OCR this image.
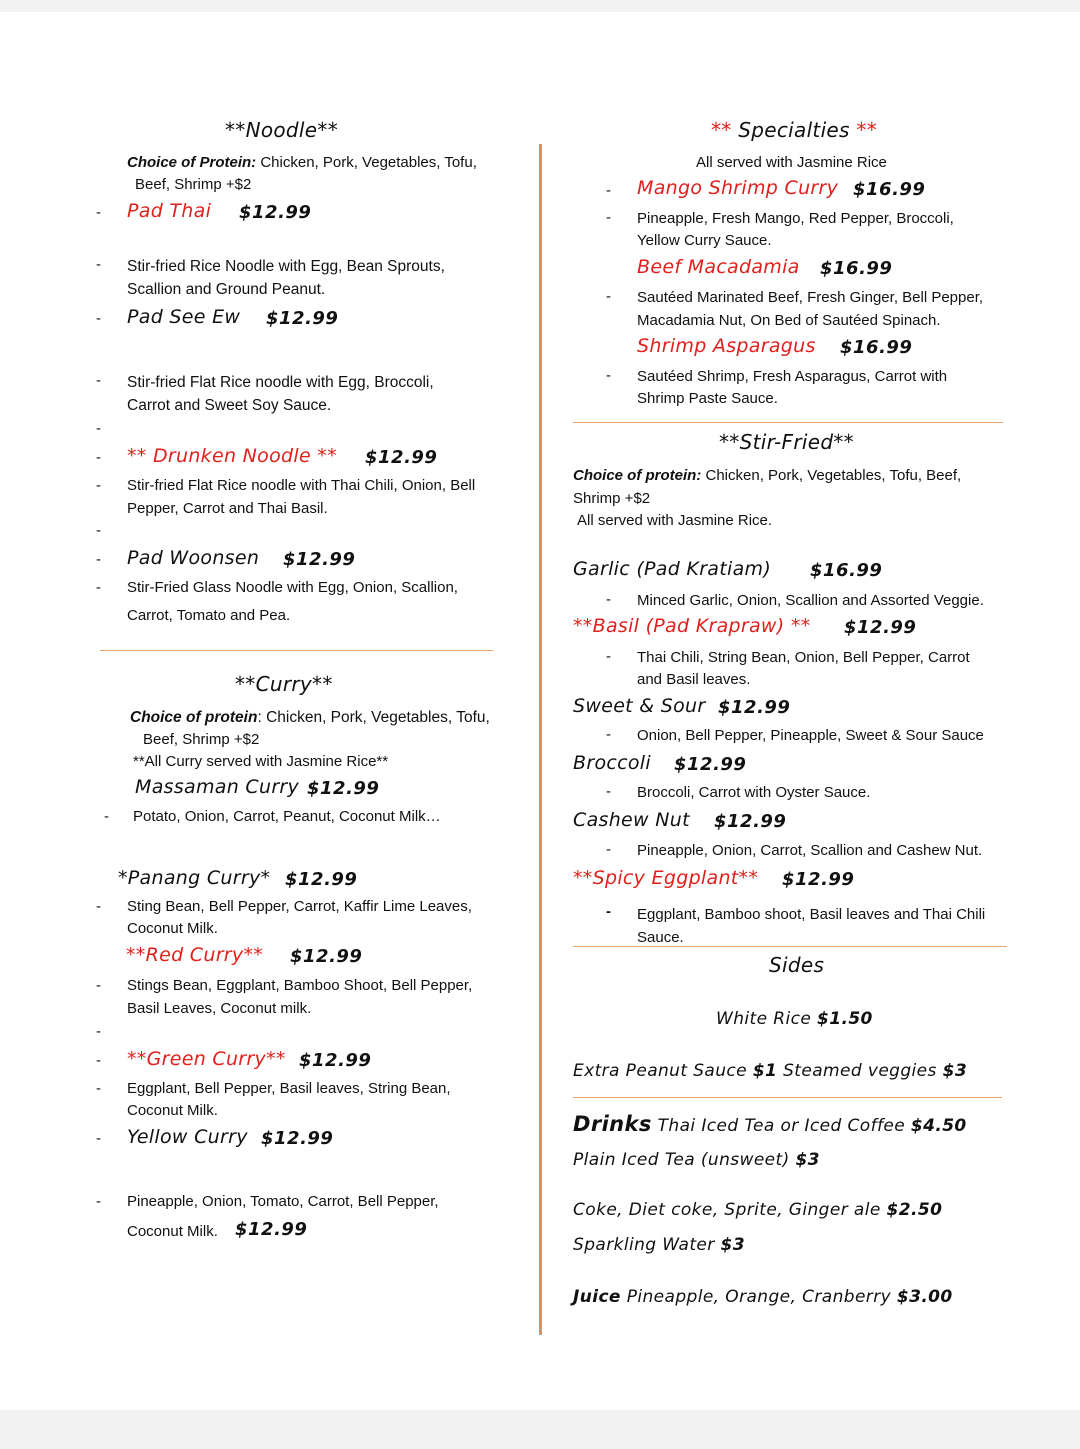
**Noodle**
Choice of Protein: Chicken, Pork, Vegetables, Tofu,
Beef, Shrimp +$2
- Pad Thai $12.99
- Stir-fried Rice Noodle with Egg, Bean Sprouts,
Scallion and Ground Peanut.
- Pad See Ew $12.99
- Stir-fried Flat Rice noodle with Egg, Broccoli,
Carrot and Sweet Soy Sauce.
-
- ** Drunken Noodle ** $12.99
- Stir-fried Flat Rice noodle with Thai Chili, Onion, Bell
Pepper, Carrot and Thai Basil.
-
- Pad Woonsen $12.99
- Stir-Fried Glass Noodle with Egg, Onion, Scallion,
Carrot, Tomato and Pea.
**Curry**
Choice of protein: Chicken, Pork, Vegetables, Tofu,
Beef, Shrimp +$2
**All Curry served with Jasmine Rice**
Massaman Curry $12.99
- Potato, Onion, Carrot, Peanut, Coconut Milk…
*Panang Curry* $12.99
- Sting Bean, Bell Pepper, Carrot, Kaffir Lime Leaves,
Coconut Milk.
**Red Curry** $12.99
- Stings Bean, Eggplant, Bamboo Shoot, Bell Pepper,
Basil Leaves, Coconut milk.
-
- **Green Curry** $12.99
- Eggplant, Bell Pepper, Basil leaves, String Bean,
Coconut Milk.
- Yellow Curry $12.99
- Pineapple, Onion, Tomato, Carrot, Bell Pepper,
Coconut Milk. $12.99
** Specialties **
All served with Jasmine Rice
- Mango Shrimp Curry $16.99
- Pineapple, Fresh Mango, Red Pepper, Broccoli,
Yellow Curry Sauce.
Beef Macadamia $16.99
- Sautéed Marinated Beef, Fresh Ginger, Bell Pepper,
Macadamia Nut, On Bed of Sautéed Spinach.
Shrimp Asparagus $16.99
- Sautéed Shrimp, Fresh Asparagus, Carrot with
Shrimp Paste Sauce.
**Stir-Fried**
Choice of protein: Chicken, Pork, Vegetables, Tofu, Beef,
Shrimp +$2
All served with Jasmine Rice.
Garlic (Pad Kratiam) $16.99
- Minced Garlic, Onion, Scallion and Assorted Veggie.
**Basil (Pad Krapraw) ** $12.99
- Thai Chili, String Bean, Onion, Bell Pepper, Carrot
and Basil leaves.
Sweet & Sour $12.99
- Onion, Bell Pepper, Pineapple, Sweet & Sour Sauce
Broccoli $12.99
- Broccoli, Carrot with Oyster Sauce.
Cashew Nut $12.99
- Pineapple, Onion, Carrot, Scallion and Cashew Nut.
**Spicy Eggplant** $12.99
- Eggplant, Bamboo shoot, Basil leaves and Thai Chili
Sauce.
Sides
White Rice $1.50
Extra Peanut Sauce $1 Steamed veggies $3
Drinks Thai Iced Tea or Iced Coffee $4.50
Plain Iced Tea (unsweet) $3
Coke, Diet coke, Sprite, Ginger ale $2.50
Sparkling Water $3
Juice Pineapple, Orange, Cranberry $3.00
